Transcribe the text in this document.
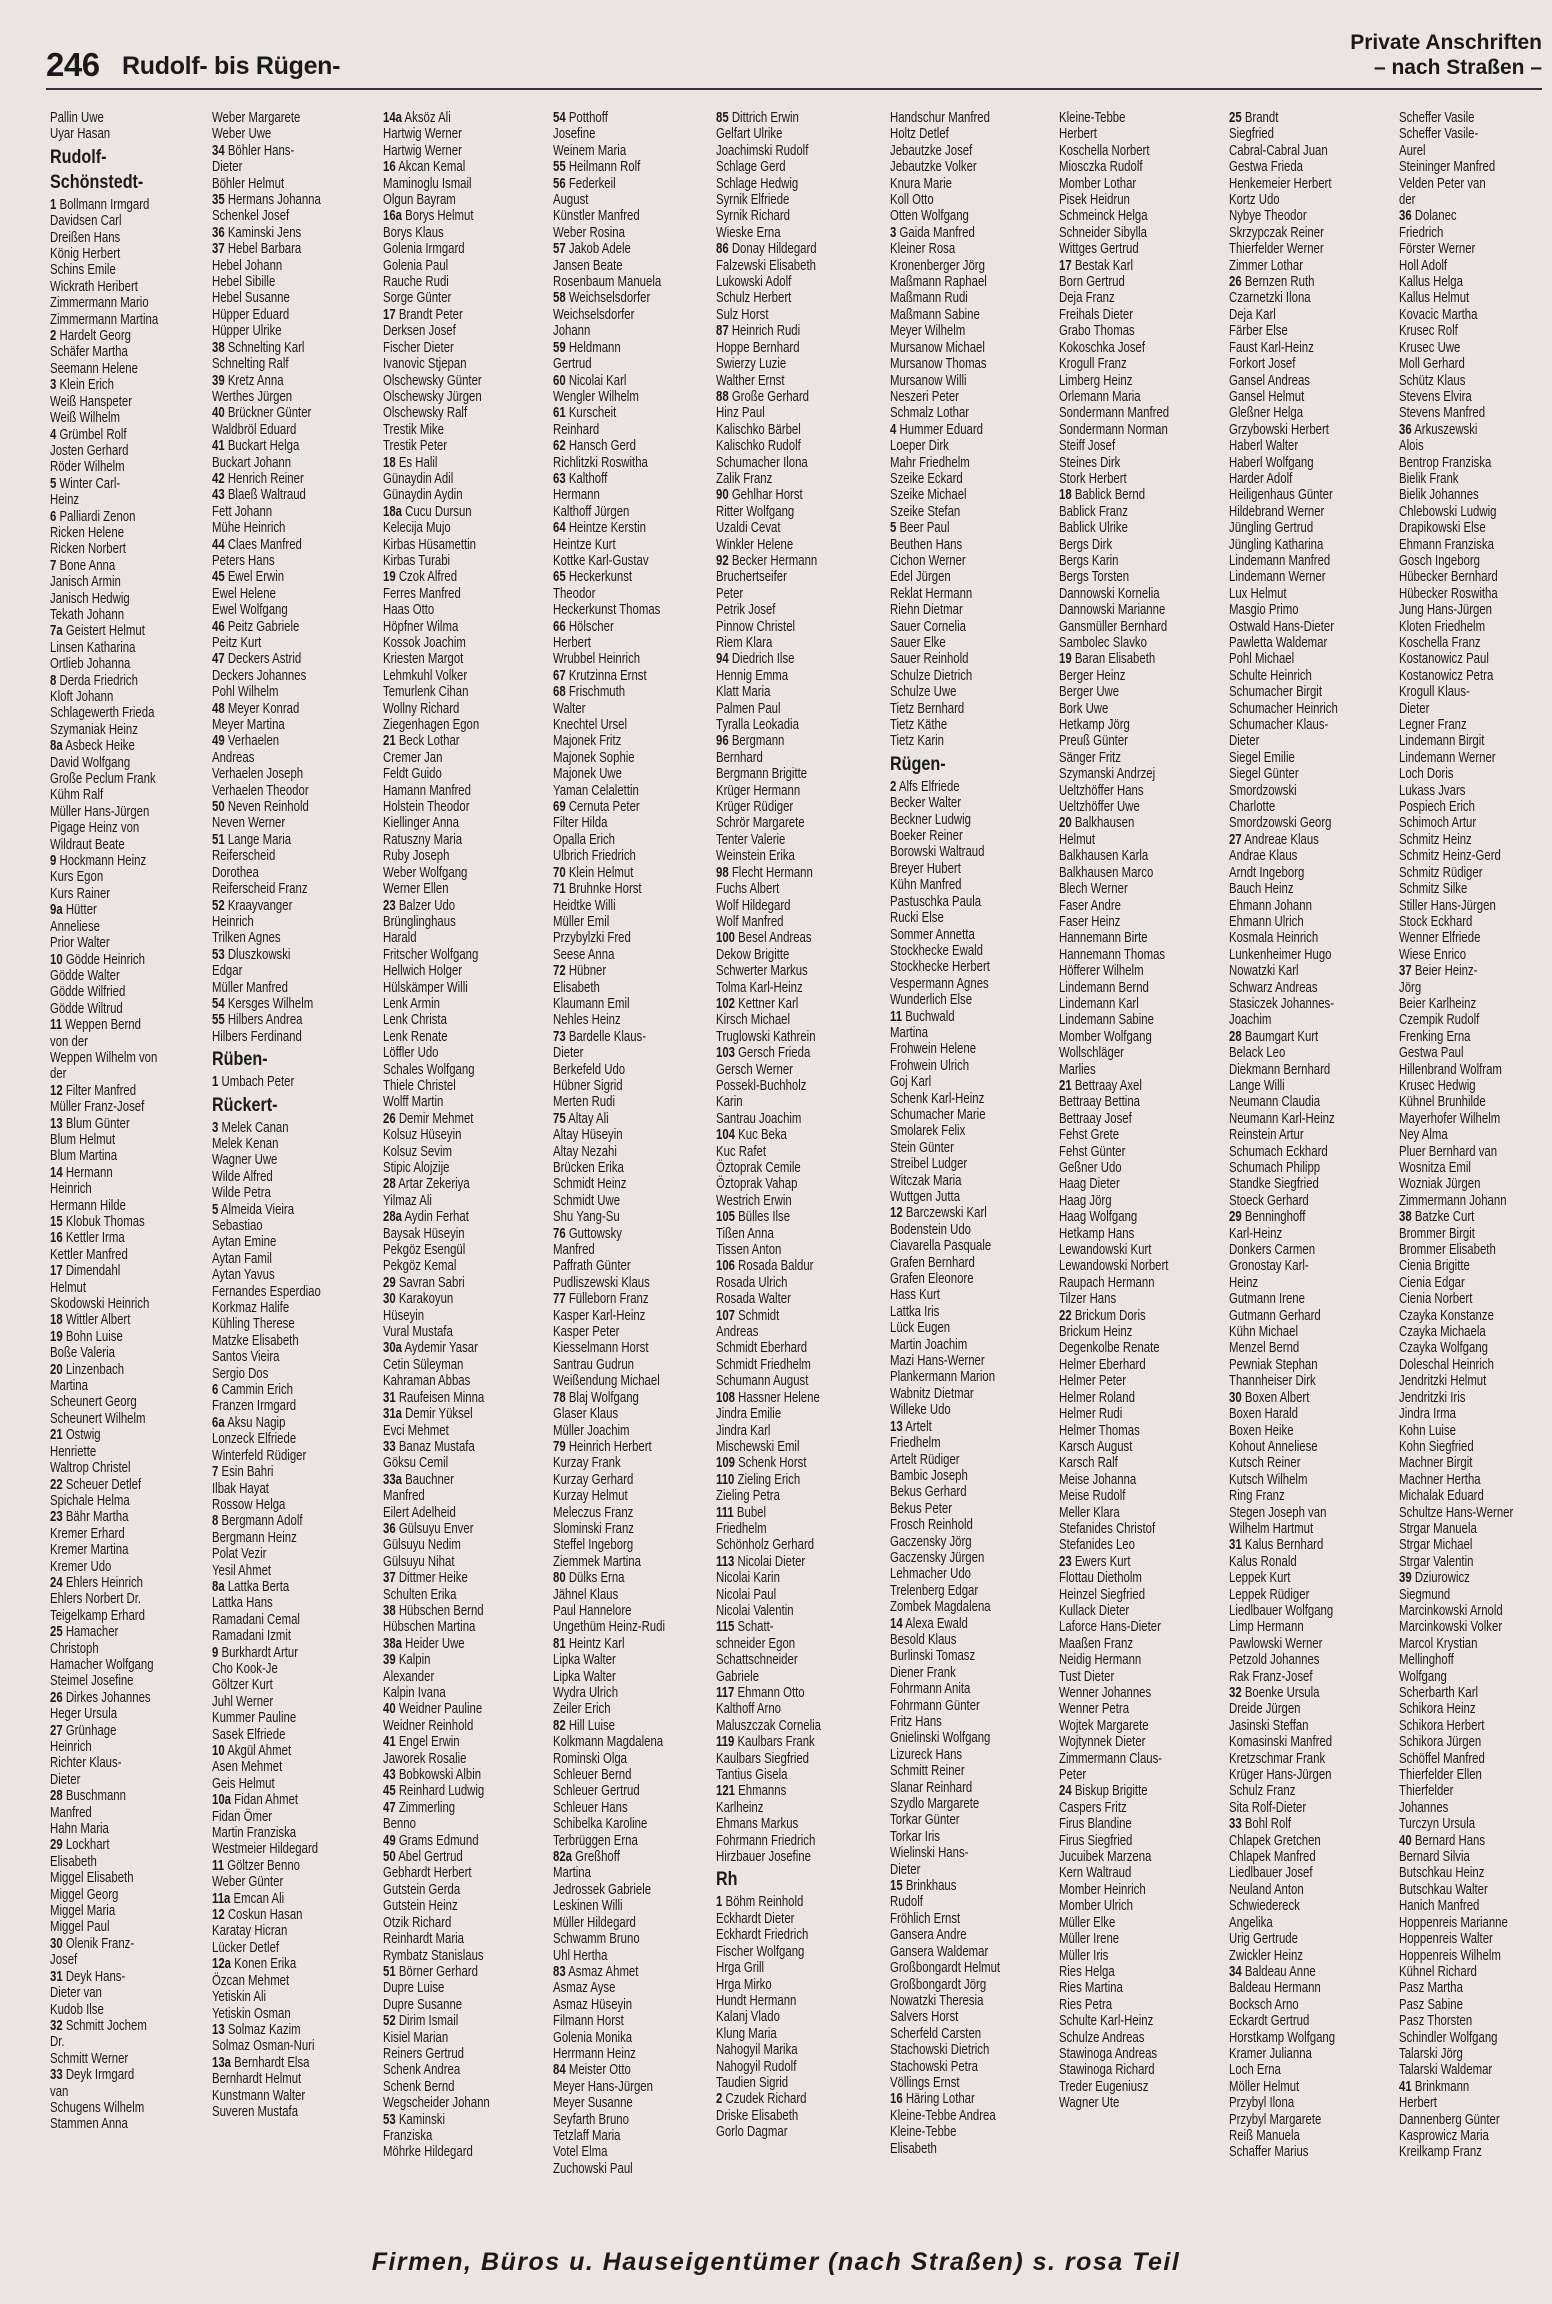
246 Rudolf- bis Rügen-
Private Anschriften
– nach Straßen –
Pallin Uwe
Uyar Hasan
Rudolf-
Schönstedt-
1 Bollmann Irmgard
Davidsen Carl
Dreißen Hans
König Herbert
Schins Emile
Wickrath Heribert
Zimmermann Mario
Zimmermann Martina
2 Hardelt Georg
Schäfer Martha
Seemann Helene
3 Klein Erich
Weiß Hanspeter
Weiß Wilhelm
4 Grümbel Rolf
Josten Gerhard
Röder Wilhelm
5 Winter Carl-
Heinz
6 Palliardi Zenon
Ricken Helene
Ricken Norbert
7 Bone Anna
Janisch Armin
Janisch Hedwig
Tekath Johann
7a Geistert Helmut
Linsen Katharina
Ortlieb Johanna
8 Derda Friedrich
Kloft Johann
Schlagewerth Frieda
Szymaniak Heinz
8a Asbeck Heike
David Wolfgang
Große Peclum Frank
Kühm Ralf
Müller Hans-Jürgen
Pigage Heinz von
Wildraut Beate
9 Hockmann Heinz
Kurs Egon
Kurs Rainer
9a Hütter
Anneliese
Prior Walter
10 Gödde Heinrich
Gödde Walter
Gödde Wilfried
Gödde Wiltrud
11 Weppen Bernd
von der
Weppen Wilhelm von
der
12 Filter Manfred
Müller Franz-Josef
13 Blum Günter
Blum Helmut
Blum Martina
14 Hermann
Heinrich
Hermann Hilde
15 Klobuk Thomas
16 Kettler Irma
Kettler Manfred
17 Dimendahl
Helmut
Skodowski Heinrich
18 Wittler Albert
19 Bohn Luise
Boße Valeria
20 Linzenbach
Martina
Scheunert Georg
Scheunert Wilhelm
21 Ostwig
Henriette
Waltrop Christel
22 Scheuer Detlef
Spichale Helma
23 Bähr Martha
Kremer Erhard
Kremer Martina
Kremer Udo
24 Ehlers Heinrich
Ehlers Norbert Dr.
Teigelkamp Erhard
25 Hamacher
Christoph
Hamacher Wolfgang
Steimel Josefine
26 Dirkes Johannes
Heger Ursula
27 Grünhage
Heinrich
Richter Klaus-
Dieter
28 Buschmann
Manfred
Hahn Maria
29 Lockhart
Elisabeth
Miggel Elisabeth
Miggel Georg
Miggel Maria
Miggel Paul
30 Olenik Franz-
Josef
31 Deyk Hans-
Dieter van
Kudob Ilse
32 Schmitt Jochem
Dr.
Schmitt Werner
33 Deyk Irmgard
van
Schugens Wilhelm
Stammen Anna
Weber Margarete
Weber Uwe
34 Böhler Hans-
Dieter
Böhler Helmut
35 Hermans Johanna
Schenkel Josef
36 Kaminski Jens
37 Hebel Barbara
Hebel Johann
Hebel Sibille
Hebel Susanne
Hüpper Eduard
Hüpper Ulrike
38 Schnelting Karl
Schnelting Ralf
39 Kretz Anna
Werthes Jürgen
40 Brückner Günter
Waldbröl Eduard
41 Buckart Helga
Buckart Johann
42 Henrich Reiner
43 Blaeß Waltraud
Fett Johann
Mühe Heinrich
44 Claes Manfred
Peters Hans
45 Ewel Erwin
Ewel Helene
Ewel Wolfgang
46 Peitz Gabriele
Peitz Kurt
47 Deckers Astrid
Deckers Johannes
Pohl Wilhelm
48 Meyer Konrad
Meyer Martina
49 Verhaelen
Andreas
Verhaelen Joseph
Verhaelen Theodor
50 Neven Reinhold
Neven Werner
51 Lange Maria
Reiferscheid
Dorothea
Reiferscheid Franz
52 Kraayvanger
Heinrich
Trilken Agnes
53 Dluszkowski
Edgar
Müller Manfred
54 Kersges Wilhelm
55 Hilbers Andrea
Hilbers Ferdinand
Rüben-
1 Umbach Peter
Rückert-
3 Melek Canan
Melek Kenan
Wagner Uwe
Wilde Alfred
Wilde Petra
5 Almeida Vieira
Sebastiao
Aytan Emine
Aytan Famil
Aytan Yavus
Fernandes Esperdiao
Korkmaz Halife
Kühling Therese
Matzke Elisabeth
Santos Vieira
Sergio Dos
6 Cammin Erich
Franzen Irmgard
6a Aksu Nagip
Lonzeck Elfriede
Winterfeld Rüdiger
7 Esin Bahri
Ilbak Hayat
Rossow Helga
8 Bergmann Adolf
Bergmann Heinz
Polat Vezir
Yesil Ahmet
8a Lattka Berta
Lattka Hans
Ramadani Cemal
Ramadani Izmit
9 Burkhardt Artur
Cho Kook-Je
Göltzer Kurt
Juhl Werner
Kummer Pauline
Sasek Elfriede
10 Akgül Ahmet
Asen Mehmet
Geis Helmut
10a Fidan Ahmet
Fidan Ömer
Martin Franziska
Westmeier Hildegard
11 Göltzer Benno
Weber Günter
11a Emcan Ali
12 Coskun Hasan
Karatay Hicran
Lücker Detlef
12a Konen Erika
Özcan Mehmet
Yetiskin Ali
Yetiskin Osman
13 Solmaz Kazim
Solmaz Osman-Nuri
13a Bernhardt Elsa
Bernhardt Helmut
Kunstmann Walter
Suveren Mustafa
14a Aksöz Ali
Hartwig Werner
Hartwig Werner
16 Akcan Kemal
Maminoglu Ismail
Olgun Bayram
16a Borys Helmut
Borys Klaus
Golenia Irmgard
Golenia Paul
Rauche Rudi
Sorge Günter
17 Brandt Peter
Derksen Josef
Fischer Dieter
Ivanovic Stjepan
Olschewsky Günter
Olschewsky Jürgen
Olschewsky Ralf
Trestik Mike
Trestik Peter
18 Es Halil
Günaydin Adil
Günaydin Aydin
18a Cucu Dursun
Kelecija Mujo
Kirbas Hüsamettin
Kirbas Turabi
19 Czok Alfred
Ferres Manfred
Haas Otto
Höpfner Wilma
Kossok Joachim
Kriesten Margot
Lehmkuhl Volker
Temurlenk Cihan
Wollny Richard
Ziegenhagen Egon
21 Beck Lothar
Cremer Jan
Feldt Guido
Hamann Manfred
Holstein Theodor
Kiellinger Anna
Ratuszny Maria
Ruby Joseph
Weber Wolfgang
Werner Ellen
23 Balzer Udo
Brünglinghaus
Harald
Fritscher Wolfgang
Hellwich Holger
Hülskämper Willi
Lenk Armin
Lenk Christa
Lenk Renate
Löffler Udo
Schales Wolfgang
Thiele Christel
Wolff Martin
26 Demir Mehmet
Kolsuz Hüseyin
Kolsuz Sevim
Stipic Alojzije
28 Artar Zekeriya
Yilmaz Ali
28a Aydin Ferhat
Baysak Hüseyin
Pekgöz Esengül
Pekgöz Kemal
29 Savran Sabri
30 Karakoyun
Hüseyin
Vural Mustafa
30a Aydemir Yasar
Cetin Süleyman
Kahraman Abbas
31 Raufeisen Minna
31a Demir Yüksel
Evci Mehmet
33 Banaz Mustafa
Göksu Cemil
33a Bauchner
Manfred
Eilert Adelheid
36 Gülsuyu Enver
Gülsuyu Nedim
Gülsuyu Nihat
37 Dittmer Heike
Schulten Erika
38 Hübschen Bernd
Hübschen Martina
38a Heider Uwe
39 Kalpin
Alexander
Kalpin Ivana
40 Weidner Pauline
Weidner Reinhold
41 Engel Erwin
Jaworek Rosalie
43 Bobkowski Albin
45 Reinhard Ludwig
47 Zimmerling
Benno
49 Grams Edmund
50 Abel Gertrud
Gebhardt Herbert
Gutstein Gerda
Gutstein Heinz
Otzik Richard
Reinhardt Maria
Rymbatz Stanislaus
51 Börner Gerhard
Dupre Luise
Dupre Susanne
52 Dirim Ismail
Kisiel Marian
Reiners Gertrud
Schenk Andrea
Schenk Bernd
Wegscheider Johann
53 Kaminski
Franziska
Möhrke Hildegard
54 Potthoff
Josefine
Weinem Maria
55 Heilmann Rolf
56 Federkeil
August
Künstler Manfred
Weber Rosina
57 Jakob Adele
Jansen Beate
Rosenbaum Manuela
58 Weichselsdorfer
Weichselsdorfer
Johann
59 Heldmann
Gertrud
60 Nicolai Karl
Wengler Wilhelm
61 Kurscheit
Reinhard
62 Hansch Gerd
Richlitzki Roswitha
63 Kalthoff
Hermann
Kalthoff Jürgen
64 Heintze Kerstin
Heintze Kurt
Kottke Karl-Gustav
65 Heckerkunst
Theodor
Heckerkunst Thomas
66 Hölscher
Herbert
Wrubbel Heinrich
67 Krutzinna Ernst
68 Frischmuth
Walter
Knechtel Ursel
Majonek Fritz
Majonek Sophie
Majonek Uwe
Yaman Celalettin
69 Cernuta Peter
Filter Hilda
Opalla Erich
Ulbrich Friedrich
70 Klein Helmut
71 Bruhnke Horst
Heidtke Willi
Müller Emil
Przybylzki Fred
Seese Anna
72 Hübner
Elisabeth
Klaumann Emil
Nehles Heinz
73 Bardelle Klaus-
Dieter
Berkefeld Udo
Hübner Sigrid
Merten Rudi
75 Altay Ali
Altay Hüseyin
Altay Nezahi
Brücken Erika
Schmidt Heinz
Schmidt Uwe
Shu Yang-Su
76 Guttowsky
Manfred
Paffrath Günter
Pudliszewski Klaus
77 Fülleborn Franz
Kasper Karl-Heinz
Kasper Peter
Kiesselmann Horst
Santrau Gudrun
Weißendung Michael
78 Blaj Wolfgang
Glaser Klaus
Müller Joachim
79 Heinrich Herbert
Kurzay Frank
Kurzay Gerhard
Kurzay Helmut
Meleczus Franz
Slominski Franz
Steffel Ingeborg
Ziemmek Martina
80 Dülks Erna
Jähnel Klaus
Paul Hannelore
Ungethüm Heinz-Rudi
81 Heintz Karl
Lipka Walter
Lipka Walter
Wydra Ulrich
Zeiler Erich
82 Hill Luise
Kolkmann Magdalena
Rominski Olga
Schleuer Bernd
Schleuer Gertrud
Schleuer Hans
Schibelka Karoline
Terbrüggen Erna
82a Greßhoff
Martina
Jedrossek Gabriele
Leskinen Willi
Müller Hildegard
Schwamm Bruno
Uhl Hertha
83 Asmaz Ahmet
Asmaz Ayse
Asmaz Hüseyin
Filmann Horst
Golenia Monika
Herrmann Heinz
84 Meister Otto
Meyer Hans-Jürgen
Meyer Susanne
Seyfarth Bruno
Tetzlaff Maria
Votel Elma
Zuchowski Paul
85 Dittrich Erwin
Gelfart Ulrike
Joachimski Rudolf
Schlage Gerd
Schlage Hedwig
Syrnik Elfriede
Syrnik Richard
Wieske Erna
86 Donay Hildegard
Falzewski Elisabeth
Lukowski Adolf
Schulz Herbert
Sulz Horst
87 Heinrich Rudi
Hoppe Bernhard
Swierzy Luzie
Walther Ernst
88 Große Gerhard
Hinz Paul
Kalischko Bärbel
Kalischko Rudolf
Schumacher Ilona
Zalik Franz
90 Gehlhar Horst
Ritter Wolfgang
Uzaldi Cevat
Winkler Helene
92 Becker Hermann
Bruchertseifer
Peter
Petrik Josef
Pinnow Christel
Riem Klara
94 Diedrich Ilse
Hennig Emma
Klatt Maria
Palmen Paul
Tyralla Leokadia
96 Bergmann
Bernhard
Bergmann Brigitte
Krüger Hermann
Krüger Rüdiger
Schrör Margarete
Tenter Valerie
Weinstein Erika
98 Flecht Hermann
Fuchs Albert
Wolf Hildegard
Wolf Manfred
100 Besel Andreas
Dekow Brigitte
Schwerter Markus
Tolma Karl-Heinz
102 Kettner Karl
Kirsch Michael
Truglowski Kathrein
103 Gersch Frieda
Gersch Werner
Possekl-Buchholz
Karin
Santrau Joachim
104 Kuc Beka
Kuc Rafet
Öztoprak Cemile
Öztoprak Vahap
Westrich Erwin
105 Bülles Ilse
Tißen Anna
Tissen Anton
106 Rosada Baldur
Rosada Ulrich
Rosada Walter
107 Schmidt
Andreas
Schmidt Eberhard
Schmidt Friedhelm
Schumann August
108 Hassner Helene
Jindra Emilie
Jindra Karl
Mischewski Emil
109 Schenk Horst
110 Zieling Erich
Zieling Petra
111 Bubel
Friedhelm
Schönholz Gerhard
113 Nicolai Dieter
Nicolai Karin
Nicolai Paul
Nicolai Valentin
115 Schatt-
schneider Egon
Schattschneider
Gabriele
117 Ehmann Otto
Kalthoff Arno
Maluszczak Cornelia
119 Kaulbars Frank
Kaulbars Siegfried
Tantius Gisela
121 Ehmanns
Karlheinz
Ehmans Markus
Fohrmann Friedrich
Hirzbauer Josefine
Rh
1 Böhm Reinhold
Eckhardt Dieter
Eckhardt Friedrich
Fischer Wolfgang
Hrga Grill
Hrga Mirko
Hundt Hermann
Kalanj Vlado
Klung Maria
Nahogyil Marika
Nahogyil Rudolf
Taudien Sigrid
2 Czudek Richard
Driske Elisabeth
Gorlo Dagmar
Handschur Manfred
Holtz Detlef
Jebautzke Josef
Jebautzke Volker
Knura Marie
Koll Otto
Otten Wolfgang
3 Gaida Manfred
Kleiner Rosa
Kronenberger Jörg
Maßmann Raphael
Maßmann Rudi
Maßmann Sabine
Meyer Wilhelm
Mursanow Michael
Mursanow Thomas
Mursanow Willi
Neszeri Peter
Schmalz Lothar
4 Hummer Eduard
Loeper Dirk
Mahr Friedhelm
Szeike Eckard
Szeike Michael
Szeike Stefan
5 Beer Paul
Beuthen Hans
Cichon Werner
Edel Jürgen
Reklat Hermann
Riehn Dietmar
Sauer Cornelia
Sauer Elke
Sauer Reinhold
Schulze Dietrich
Schulze Uwe
Tietz Bernhard
Tietz Käthe
Tietz Karin
Rügen-
2 Alfs Elfriede
Becker Walter
Beckner Ludwig
Boeker Reiner
Borowski Waltraud
Breyer Hubert
Kühn Manfred
Pastuschka Paula
Rucki Else
Sommer Annetta
Stockhecke Ewald
Stockhecke Herbert
Vespermann Agnes
Wunderlich Else
11 Buchwald
Martina
Frohwein Helene
Frohwein Ulrich
Goj Karl
Schenk Karl-Heinz
Schumacher Marie
Smolarek Felix
Stein Günter
Streibel Ludger
Witczak Maria
Wuttgen Jutta
12 Barczewski Karl
Bodenstein Udo
Ciavarella Pasquale
Grafen Bernhard
Grafen Eleonore
Hass Kurt
Lattka Iris
Lück Eugen
Martin Joachim
Mazi Hans-Werner
Plankermann Marion
Wabnitz Dietmar
Willeke Udo
13 Artelt
Friedhelm
Artelt Rüdiger
Bambic Joseph
Bekus Gerhard
Bekus Peter
Frosch Reinhold
Gaczensky Jörg
Gaczensky Jürgen
Lehmacher Udo
Trelenberg Edgar
Zombek Magdalena
14 Alexa Ewald
Besold Klaus
Burlinski Tomasz
Diener Frank
Fohrmann Anita
Fohrmann Günter
Fritz Hans
Gnielinski Wolfgang
Lizureck Hans
Schmitt Reiner
Slanar Reinhard
Szydlo Margarete
Torkar Günter
Torkar Iris
Wielinski Hans-
Dieter
15 Brinkhaus
Rudolf
Fröhlich Ernst
Gansera Andre
Gansera Waldemar
Großbongardt Helmut
Großbongardt Jörg
Nowatzki Theresia
Salvers Horst
Scherfeld Carsten
Stachowski Dietrich
Stachowski Petra
Völlings Ernst
16 Häring Lothar
Kleine-Tebbe Andrea
Kleine-Tebbe
Elisabeth
Kleine-Tebbe
Herbert
Koschella Norbert
Miosczka Rudolf
Momber Lothar
Pisek Heidrun
Schmeinck Helga
Schneider Sibylla
Wittges Gertrud
17 Bestak Karl
Born Gertrud
Deja Franz
Freihals Dieter
Grabo Thomas
Kokoschka Josef
Krogull Franz
Limberg Heinz
Orlemann Maria
Sondermann Manfred
Sondermann Norman
Steiff Josef
Steines Dirk
Stork Herbert
18 Bablick Bernd
Bablick Franz
Bablick Ulrike
Bergs Dirk
Bergs Karin
Bergs Torsten
Dannowski Kornelia
Dannowski Marianne
Gansmüller Bernhard
Sambolec Slavko
19 Baran Elisabeth
Berger Heinz
Berger Uwe
Bork Uwe
Hetkamp Jörg
Preuß Günter
Sänger Fritz
Szymanski Andrzej
Ueltzhöffer Hans
Ueltzhöffer Uwe
20 Balkhausen
Helmut
Balkhausen Karla
Balkhausen Marco
Blech Werner
Faser Andre
Faser Heinz
Hannemann Birte
Hannemann Thomas
Höfferer Wilhelm
Lindemann Bernd
Lindemann Karl
Lindemann Sabine
Momber Wolfgang
Wollschläger
Marlies
21 Bettraay Axel
Bettraay Bettina
Bettraay Josef
Fehst Grete
Fehst Günter
Geßner Udo
Haag Dieter
Haag Jörg
Haag Wolfgang
Hetkamp Hans
Lewandowski Kurt
Lewandowski Norbert
Raupach Hermann
Tilzer Hans
22 Brickum Doris
Brickum Heinz
Degenkolbe Renate
Helmer Eberhard
Helmer Peter
Helmer Roland
Helmer Rudi
Helmer Thomas
Karsch August
Karsch Ralf
Meise Johanna
Meise Rudolf
Meller Klara
Stefanides Christof
Stefanides Leo
23 Ewers Kurt
Flottau Dietholm
Heinzel Siegfried
Kullack Dieter
Laforce Hans-Dieter
Maaßen Franz
Neidig Hermann
Tust Dieter
Wenner Johannes
Wenner Petra
Wojtek Margarete
Wojtynnek Dieter
Zimmermann Claus-
Peter
24 Biskup Brigitte
Caspers Fritz
Firus Blandine
Firus Siegfried
Jucuibek Marzena
Kern Waltraud
Momber Heinrich
Momber Ulrich
Müller Elke
Müller Irene
Müller Iris
Ries Helga
Ries Martina
Ries Petra
Schulte Karl-Heinz
Schulze Andreas
Stawinoga Andreas
Stawinoga Richard
Treder Eugeniusz
Wagner Ute
25 Brandt
Siegfried
Cabral-Cabral Juan
Gestwa Frieda
Henkemeier Herbert
Kortz Udo
Nybye Theodor
Skrzypczak Reiner
Thierfelder Werner
Zimmer Lothar
26 Bernzen Ruth
Czarnetzki Ilona
Deja Karl
Färber Else
Faust Karl-Heinz
Forkort Josef
Gansel Andreas
Gansel Helmut
Gleßner Helga
Grzybowski Herbert
Haberl Walter
Haberl Wolfgang
Harder Adolf
Heiligenhaus Günter
Hildebrand Werner
Jüngling Gertrud
Jüngling Katharina
Lindemann Manfred
Lindemann Werner
Lux Helmut
Masgio Primo
Ostwald Hans-Dieter
Pawletta Waldemar
Pohl Michael
Schulte Heinrich
Schumacher Birgit
Schumacher Heinrich
Schumacher Klaus-
Dieter
Siegel Emilie
Siegel Günter
Smordzowski
Charlotte
Smordzowski Georg
27 Andreae Klaus
Andrae Klaus
Arndt Ingeborg
Bauch Heinz
Ehmann Johann
Ehmann Ulrich
Kosmala Heinrich
Lunkenheimer Hugo
Nowatzki Karl
Schwarz Andreas
Stasiczek Johannes-
Joachim
28 Baumgart Kurt
Belack Leo
Diekmann Bernhard
Lange Willi
Neumann Claudia
Neumann Karl-Heinz
Reinstein Artur
Schumach Eckhard
Schumach Philipp
Standke Siegfried
Stoeck Gerhard
29 Benninghoff
Karl-Heinz
Donkers Carmen
Gronostay Karl-
Heinz
Gutmann Irene
Gutmann Gerhard
Kühn Michael
Menzel Bernd
Pewniak Stephan
Thannheiser Dirk
30 Boxen Albert
Boxen Harald
Boxen Heike
Kohout Anneliese
Kutsch Reiner
Kutsch Wilhelm
Ring Franz
Stegen Joseph van
Wilhelm Hartmut
31 Kalus Bernhard
Kalus Ronald
Leppek Kurt
Leppek Rüdiger
Liedlbauer Wolfgang
Limp Hermann
Pawlowski Werner
Petzold Johannes
Rak Franz-Josef
32 Boenke Ursula
Dreide Jürgen
Jasinski Steffan
Komasinski Manfred
Kretzschmar Frank
Krüger Hans-Jürgen
Schulz Franz
Sita Rolf-Dieter
33 Bohl Rolf
Chlapek Gretchen
Chlapek Manfred
Liedlbauer Josef
Neuland Anton
Schwiedereck
Angelika
Urig Gertrude
Zwickler Heinz
34 Baldeau Anne
Baldeau Hermann
Bocksch Arno
Eckardt Gertrud
Horstkamp Wolfgang
Kramer Julianna
Loch Erna
Möller Helmut
Przybyl Ilona
Przybyl Margarete
Reiß Manuela
Schaffer Marius
Scheffer Vasile
Scheffer Vasile-
Aurel
Steininger Manfred
Velden Peter van
der
36 Dolanec
Friedrich
Förster Werner
Holl Adolf
Kallus Helga
Kallus Helmut
Kovacic Martha
Krusec Rolf
Krusec Uwe
Moll Gerhard
Schütz Klaus
Stevens Elvira
Stevens Manfred
36 Arkuszewski
Alois
Bentrop Franziska
Bielik Frank
Bielik Johannes
Chlebowski Ludwig
Drapikowski Else
Ehmann Franziska
Gosch Ingeborg
Hübecker Bernhard
Hübecker Roswitha
Jung Hans-Jürgen
Kloten Friedhelm
Koschella Franz
Kostanowicz Paul
Kostanowicz Petra
Krogull Klaus-
Dieter
Legner Franz
Lindemann Birgit
Lindemann Werner
Loch Doris
Lukass Jvars
Pospiech Erich
Schimoch Artur
Schmitz Heinz
Schmitz Heinz-Gerd
Schmitz Rüdiger
Schmitz Silke
Stiller Hans-Jürgen
Stock Eckhard
Wenner Elfriede
Wiese Enrico
37 Beier Heinz-
Jörg
Beier Karlheinz
Czempik Rudolf
Frenking Erna
Gestwa Paul
Hillenbrand Wolfram
Krusec Hedwig
Kühnel Brunhilde
Mayerhofer Wilhelm
Ney Alma
Pluer Bernhard van
Wosnitza Emil
Wozniak Jürgen
Zimmermann Johann
38 Batzke Curt
Brommer Birgit
Brommer Elisabeth
Cienia Brigitte
Cienia Edgar
Cienia Norbert
Czayka Konstanze
Czayka Michaela
Czayka Wolfgang
Doleschal Heinrich
Jendritzki Helmut
Jendritzki Iris
Jindra Irma
Kohn Luise
Kohn Siegfried
Machner Birgit
Machner Hertha
Michalak Eduard
Schultze Hans-Werner
Strgar Manuela
Strgar Michael
Strgar Valentin
39 Dziurowicz
Siegmund
Marcinkowski Arnold
Marcinkowski Volker
Marcol Krystian
Mellinghoff
Wolfgang
Scherbarth Karl
Schikora Heinz
Schikora Herbert
Schikora Jürgen
Schöffel Manfred
Thierfelder Ellen
Thierfelder
Johannes
Turczyn Ursula
40 Bernard Hans
Bernard Silvia
Butschkau Heinz
Butschkau Walter
Hanich Manfred
Hoppenreis Marianne
Hoppenreis Walter
Hoppenreis Wilhelm
Kühnel Richard
Pasz Martha
Pasz Sabine
Pasz Thorsten
Schindler Wolfgang
Talarski Jörg
Talarski Waldemar
41 Brinkmann
Herbert
Dannenberg Günter
Kasprowicz Maria
Kreilkamp Franz
Firmen, Büros u. Hauseigentümer (nach Straßen) s. rosa Teil
